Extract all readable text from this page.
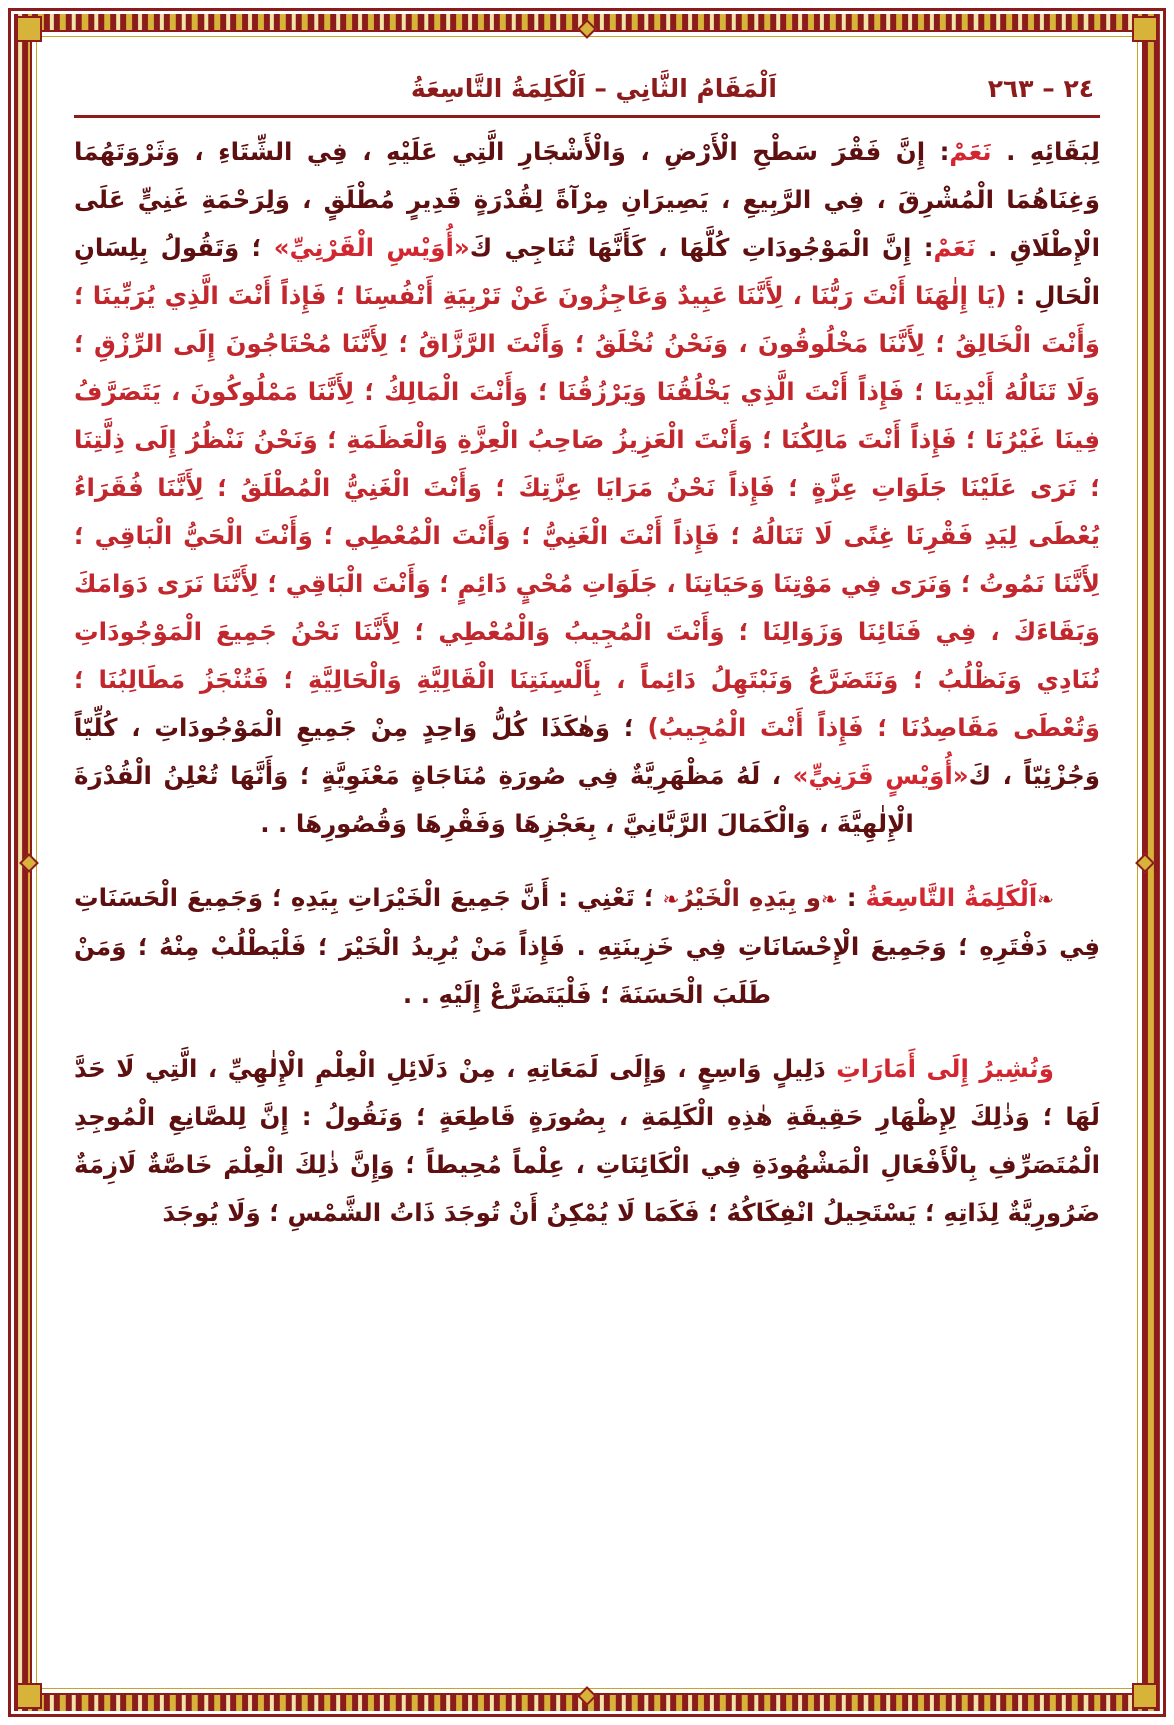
٢٤ – ٢٦٣
اَلْمَقَامُ الثَّانِي – اَلْكَلِمَةُ التَّاسِعَةُ

لِبَقَائِهِ . نَعَمْ: إِنَّ فَقْرَ سَطْحِ الْأَرْضِ ، وَالْأَشْجَارِ الَّتِي عَلَيْهِ ، فِي الشِّتَاءِ ، وَثَرْوَتَهُمَا وَغِنَاهُمَا الْمُشْرِقَ ، فِي الرَّبِيعِ ، يَصِيرَانِ مِرْآةً لِقُدْرَةٍ قَدِيرٍ مُطْلَقٍ ، وَلِرَحْمَةِ غَنِيٍّ عَلَى الْإِطْلَاقِ . نَعَمْ: إِنَّ الْمَوْجُودَاتِ كُلَّهَا ، كَأَنَّهَا تُنَاجِي كَ«أُوَيْسِ الْقَرْنِيِّ» ؛ وَتَقُولُ بِلِسَانِ الْحَالِ : (يَا إِلٰهَنَا أَنْتَ رَبُّنَا ، لِأَنَّنَا عَبِيدٌ وَعَاجِزُونَ عَنْ تَرْبِيَةِ أَنْفُسِنَا ؛ فَإِذاً أَنْتَ الَّذِي يُرَبِّينَا ؛ وَأَنْتَ الْخَالِقُ ؛ لِأَنَّنَا مَخْلُوقُونَ ، وَنَحْنُ نُخْلَقُ ؛ وَأَنْتَ الرَّزَّاقُ ؛ لِأَنَّنَا مُحْتَاجُونَ إِلَى الرِّزْقِ ؛ وَلَا تَنَالُهُ أَيْدِينَا ؛ فَإِذاً أَنْتَ الَّذِي يَخْلُقُنَا وَيَرْزُقُنَا ؛ وَأَنْتَ الْمَالِكُ ؛ لِأَنَّنَا مَمْلُوكُونَ ، يَتَصَرَّفُ فِينَا غَيْرُنَا ؛ فَإِذاً أَنْتَ مَالِكُنَا ؛ وَأَنْتَ الْعَزِيزُ صَاحِبُ الْعِزَّةِ وَالْعَظَمَةِ ؛ وَنَحْنُ نَنْظُرُ إِلَى ذِلَّتِنَا ؛ نَرَى عَلَيْنَا جَلَوَاتِ عِزَّةٍ ؛ فَإِذاً نَحْنُ مَرَايَا عِزَّتِكَ ؛ وَأَنْتَ الْغَنِيُّ الْمُطْلَقُ ؛ لِأَنَّنَا فُقَرَاءُ يُعْطَى لِيَدِ فَقْرِنَا غِنًى لَا تَنَالُهُ ؛ فَإِذاً أَنْتَ الْغَنِيُّ ؛ وَأَنْتَ الْمُعْطِي ؛ وَأَنْتَ الْحَيُّ الْبَاقِي ؛ لِأَنَّنَا نَمُوتُ ؛ وَنَرَى فِي مَوْتِنَا وَحَيَاتِنَا ، جَلَوَاتِ مُحْيٍ دَائِمٍ ؛ وَأَنْتَ الْبَاقِي ؛ لِأَنَّنَا نَرَى دَوَامَكَ وَبَقَاءَكَ ، فِي فَنَائِنَا وَزَوَالِنَا ؛ وَأَنْتَ الْمُجِيبُ وَالْمُعْطِي ؛ لِأَنَّنَا نَحْنُ جَمِيعَ الْمَوْجُودَاتِ نُنَادِي وَنَظْلُبُ ؛ وَنَتَضَرَّعُ وَنَبْتَهِلُ دَائِماً ، بِأَلْسِنَتِنَا الْقَالِيَّةِ وَالْحَالِيَّةِ ؛ فَتُنْجَزُ مَطَالِبُنَا ؛ وَتُعْطَى مَقَاصِدُنَا ؛ فَإِذاً أَنْتَ الْمُجِيبُ) ؛ وَهٰكَذَا كُلُّ وَاحِدٍ مِنْ جَمِيعِ الْمَوْجُودَاتِ ، كُلِّيّاً وَجُزْئِيّاً ، كَ«أُوَيْسٍ قَرَنِيٍّ» ، لَهُ مَظْهَرِيَّةٌ فِي صُورَةِ مُنَاجَاةٍ مَعْنَوِيَّةٍ ؛ وَأَنَّهَا تُعْلِنُ الْقُدْرَةَ الْإِلٰهِيَّةَ ، وَالْكَمَالَ الرَّبَّانِيَّ ، بِعَجْزِهَا وَفَقْرِهَا وَقُصُورِهَا . .

❧اَلْكَلِمَةُ التَّاسِعَةُ : ❧و بِيَدِهِ الْخَيْرُ❧ ؛ تَعْنِي : أَنَّ جَمِيعَ الْخَيْرَاتِ بِيَدِهِ ؛ وَجَمِيعَ الْحَسَنَاتِ فِي دَفْتَرِهِ ؛ وَجَمِيعَ الْإِحْسَانَاتِ فِي خَزِينَتِهِ . فَإِذاً مَنْ يُرِيدُ الْخَيْرَ ؛ فَلْيَطْلُبْ مِنْهُ ؛ وَمَنْ طَلَبَ الْحَسَنَةَ ؛ فَلْيَتَضَرَّعْ إِلَيْهِ . .

وَنُشِيرُ إِلَى أَمَارَاتِ دَلِيلٍ وَاسِعٍ ، وَإِلَى لَمَعَاتِهِ ، مِنْ دَلَائِلِ الْعِلْمِ الْإِلٰهِيِّ ، الَّتِي لَا حَدَّ لَهَا ؛ وَذٰلِكَ لِإِظْهَارِ حَقِيقَةِ هٰذِهِ الْكَلِمَةِ ، بِصُورَةٍ قَاطِعَةٍ ؛ وَنَقُولُ : إِنَّ لِلصَّانِعِ الْمُوجِدِ الْمُتَصَرِّفِ بِالْأَفْعَالِ الْمَشْهُودَةِ فِي الْكَائِنَاتِ ، عِلْماً مُحِيطاً ؛ وَإِنَّ ذٰلِكَ الْعِلْمَ خَاصَّةٌ لَازِمَةٌ ضَرُورِيَّةٌ لِذَاتِهِ ؛ يَسْتَحِيلُ انْفِكَاكُهُ ؛ فَكَمَا لَا يُمْكِنُ أَنْ تُوجَدَ ذَاتُ الشَّمْسِ ؛ وَلَا يُوجَدَ
